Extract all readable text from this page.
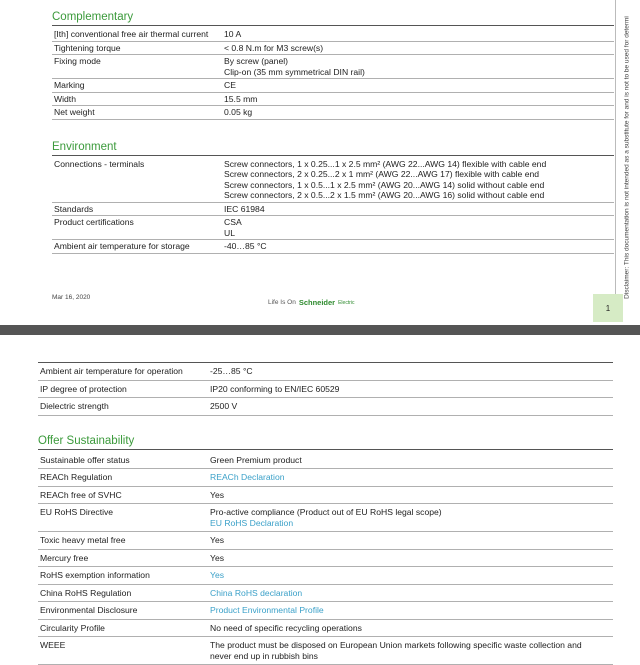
Complementary
[Ith] conventional free air thermal current	10 A
Tightening torque	< 0.8 N.m for M3 screw(s)
Fixing mode	By screw (panel)
Clip-on (35 mm symmetrical DIN rail)
Marking	CE
Width	15.5 mm
Net weight	0.05 kg
Environment
Connections - terminals	Screw connectors, 1 x 0.25...1 x 2.5 mm² (AWG 22...AWG 14) flexible with cable end
Screw connectors, 2 x 0.25...2 x 1 mm² (AWG 22...AWG 17) flexible with cable end
Screw connectors, 1 x 0.5...1 x 2.5 mm² (AWG 20...AWG 14) solid without cable end
Screw connectors, 2 x 0.5...2 x 1.5 mm² (AWG 20...AWG 16) solid without cable end
Standards	IEC 61984
Product certifications	CSA
UL
Ambient air temperature for storage	-40…85 °C	Disclaimer: This documentation is not intended as a substitute for and is not to be used for determi
Mar 16, 2020
Life Is On Schneider Electric
1
Ambient air temperature for operation	-25…85 °C
IP degree of protection	IP20 conforming to EN/IEC 60529
Dielectric strength	2500 V
Offer Sustainability
Sustainable offer status	Green Premium product
REACh Regulation	REACh Declaration
REACh free of SVHC	Yes
EU RoHS Directive	Pro-active compliance (Product out of EU RoHS legal scope)
EU RoHS Declaration
Toxic heavy metal free	Yes
Mercury free	Yes
RoHS exemption information	Yes
China RoHS Regulation	China RoHS declaration
Environmental Disclosure	Product Environmental Profile
Circularity Profile	No need of specific recycling operations
WEEE	The product must be disposed on European Union markets following specific waste collection and
never end up in rubbish bins
